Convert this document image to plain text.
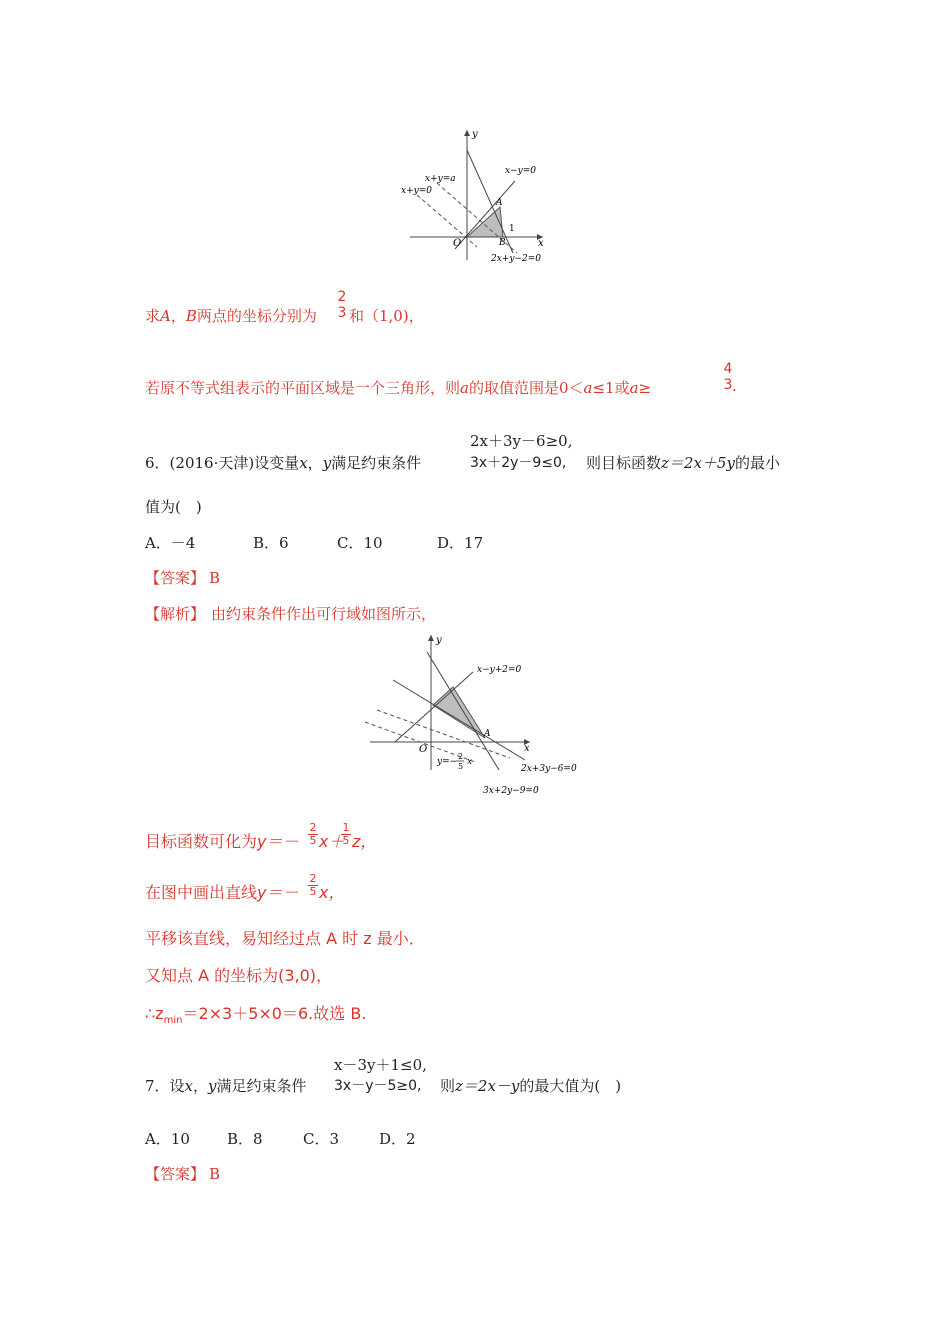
y
x
O
x−y=0
x+y=a
x+y=0
A
B
1
2x+y−2=0
求A，B两点的坐标分别为
2
3 和（1,0)，
若原不等式组表示的平面区域是一个三角形，则a的取值范围是0＜a≤1或a≥
4
3 .
2x＋3y－6≥0,
6．(2016·天津)设变量x，y满足约束条件	3x＋2y－9≤0, 则目标函数z＝2x＋5y的最小
值为(　)
A．－4	B．6	C．10	D．17
【答案】 B
【解析】 由约束条件作出可行域如图所示，
y
x
O
A
x−y+2=0
y=−
2
5 x
2x+3y−6=0
3x+2y−9=0
目标函数可化为$y=- \frac{2}{5} x+$
$\frac{1}{5}$ z，
在图中画出直线$y=- \frac{2}{5}$ x，
平移该直线，易知经过点 A 时 z 最小．
又知点 A 的坐标为(3,0)，
$\therefore z_{min}=2\times 3+5\times 0=6$.故选 B.
x－3y＋1≤0,
7．设x，y满足约束条件 3x－y－5≥0, 则z＝2x－y的最大值为(　)
A．10 B．8	C．3	D．2
【答案】 B
